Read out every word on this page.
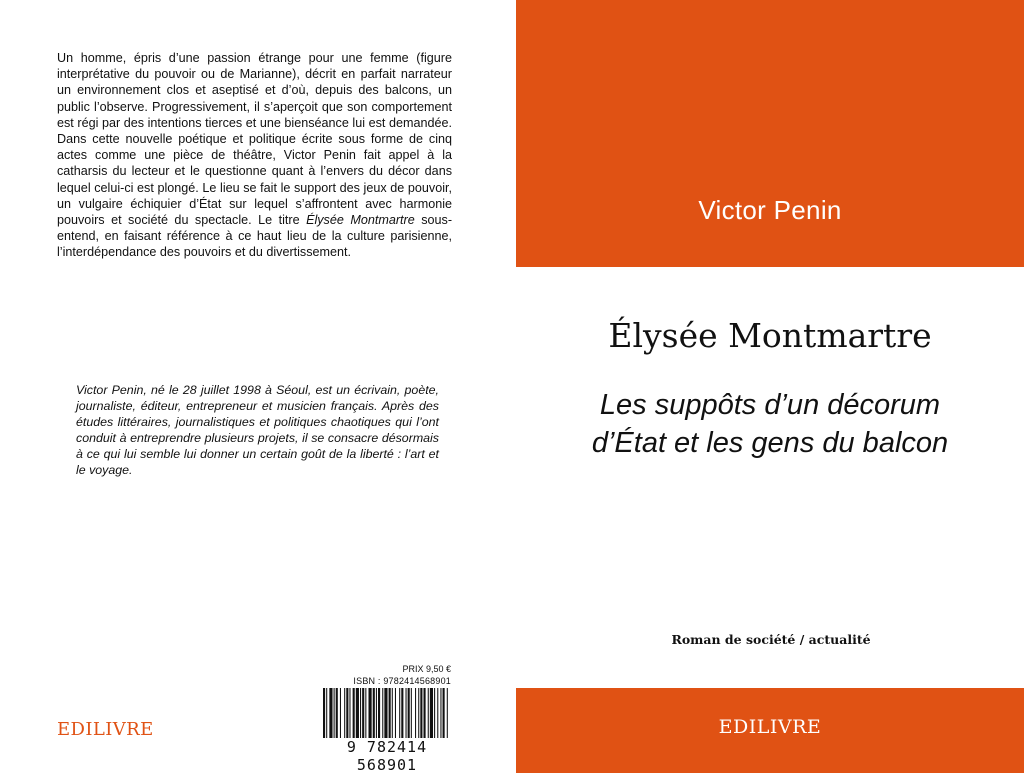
Un homme, épris d’une passion étrange pour une femme (figure interprétative du pouvoir ou de Marianne), décrit en parfait narrateur un environnement clos et aseptisé et d’où, depuis des balcons, un public l’observe. Progressivement, il s’aperçoit que son comportement est régi par des intentions tierces et une bienséance lui est demandée. Dans cette nouvelle poétique et politique écrite sous forme de cinq actes comme une pièce de théâtre, Victor Penin fait appel à la catharsis du lecteur et le questionne quant à l’envers du décor dans lequel celui-ci est plongé. Le lieu se fait le support des jeux de pouvoir, un vulgaire échiquier d’État sur lequel s’affrontent avec harmonie pouvoirs et société du spectacle. Le titre Élysée Montmartre sous-entend, en faisant référence à ce haut lieu de la culture parisienne, l’interdépendance des pouvoirs et du divertissement.

Victor Penin, né le 28 juillet 1998 à Séoul, est un écrivain, poète, journaliste, éditeur, entrepreneur et musicien français. Après des études littéraires, journalistiques et politiques chaotiques qui l’ont conduit à entreprendre plusieurs projets, il se consacre désormais à ce qui lui semble lui donner un certain goût de la liberté : l’art et le voyage.

EDILIVRE
PRIX 9,50 €
ISBN : 9782414568901
9 782414 568901
Victor Penin
Élysée Montmartre
Les suppôts d’un décorum
d’État et les gens du balcon
Roman de société / actualité
EDILIVRE
